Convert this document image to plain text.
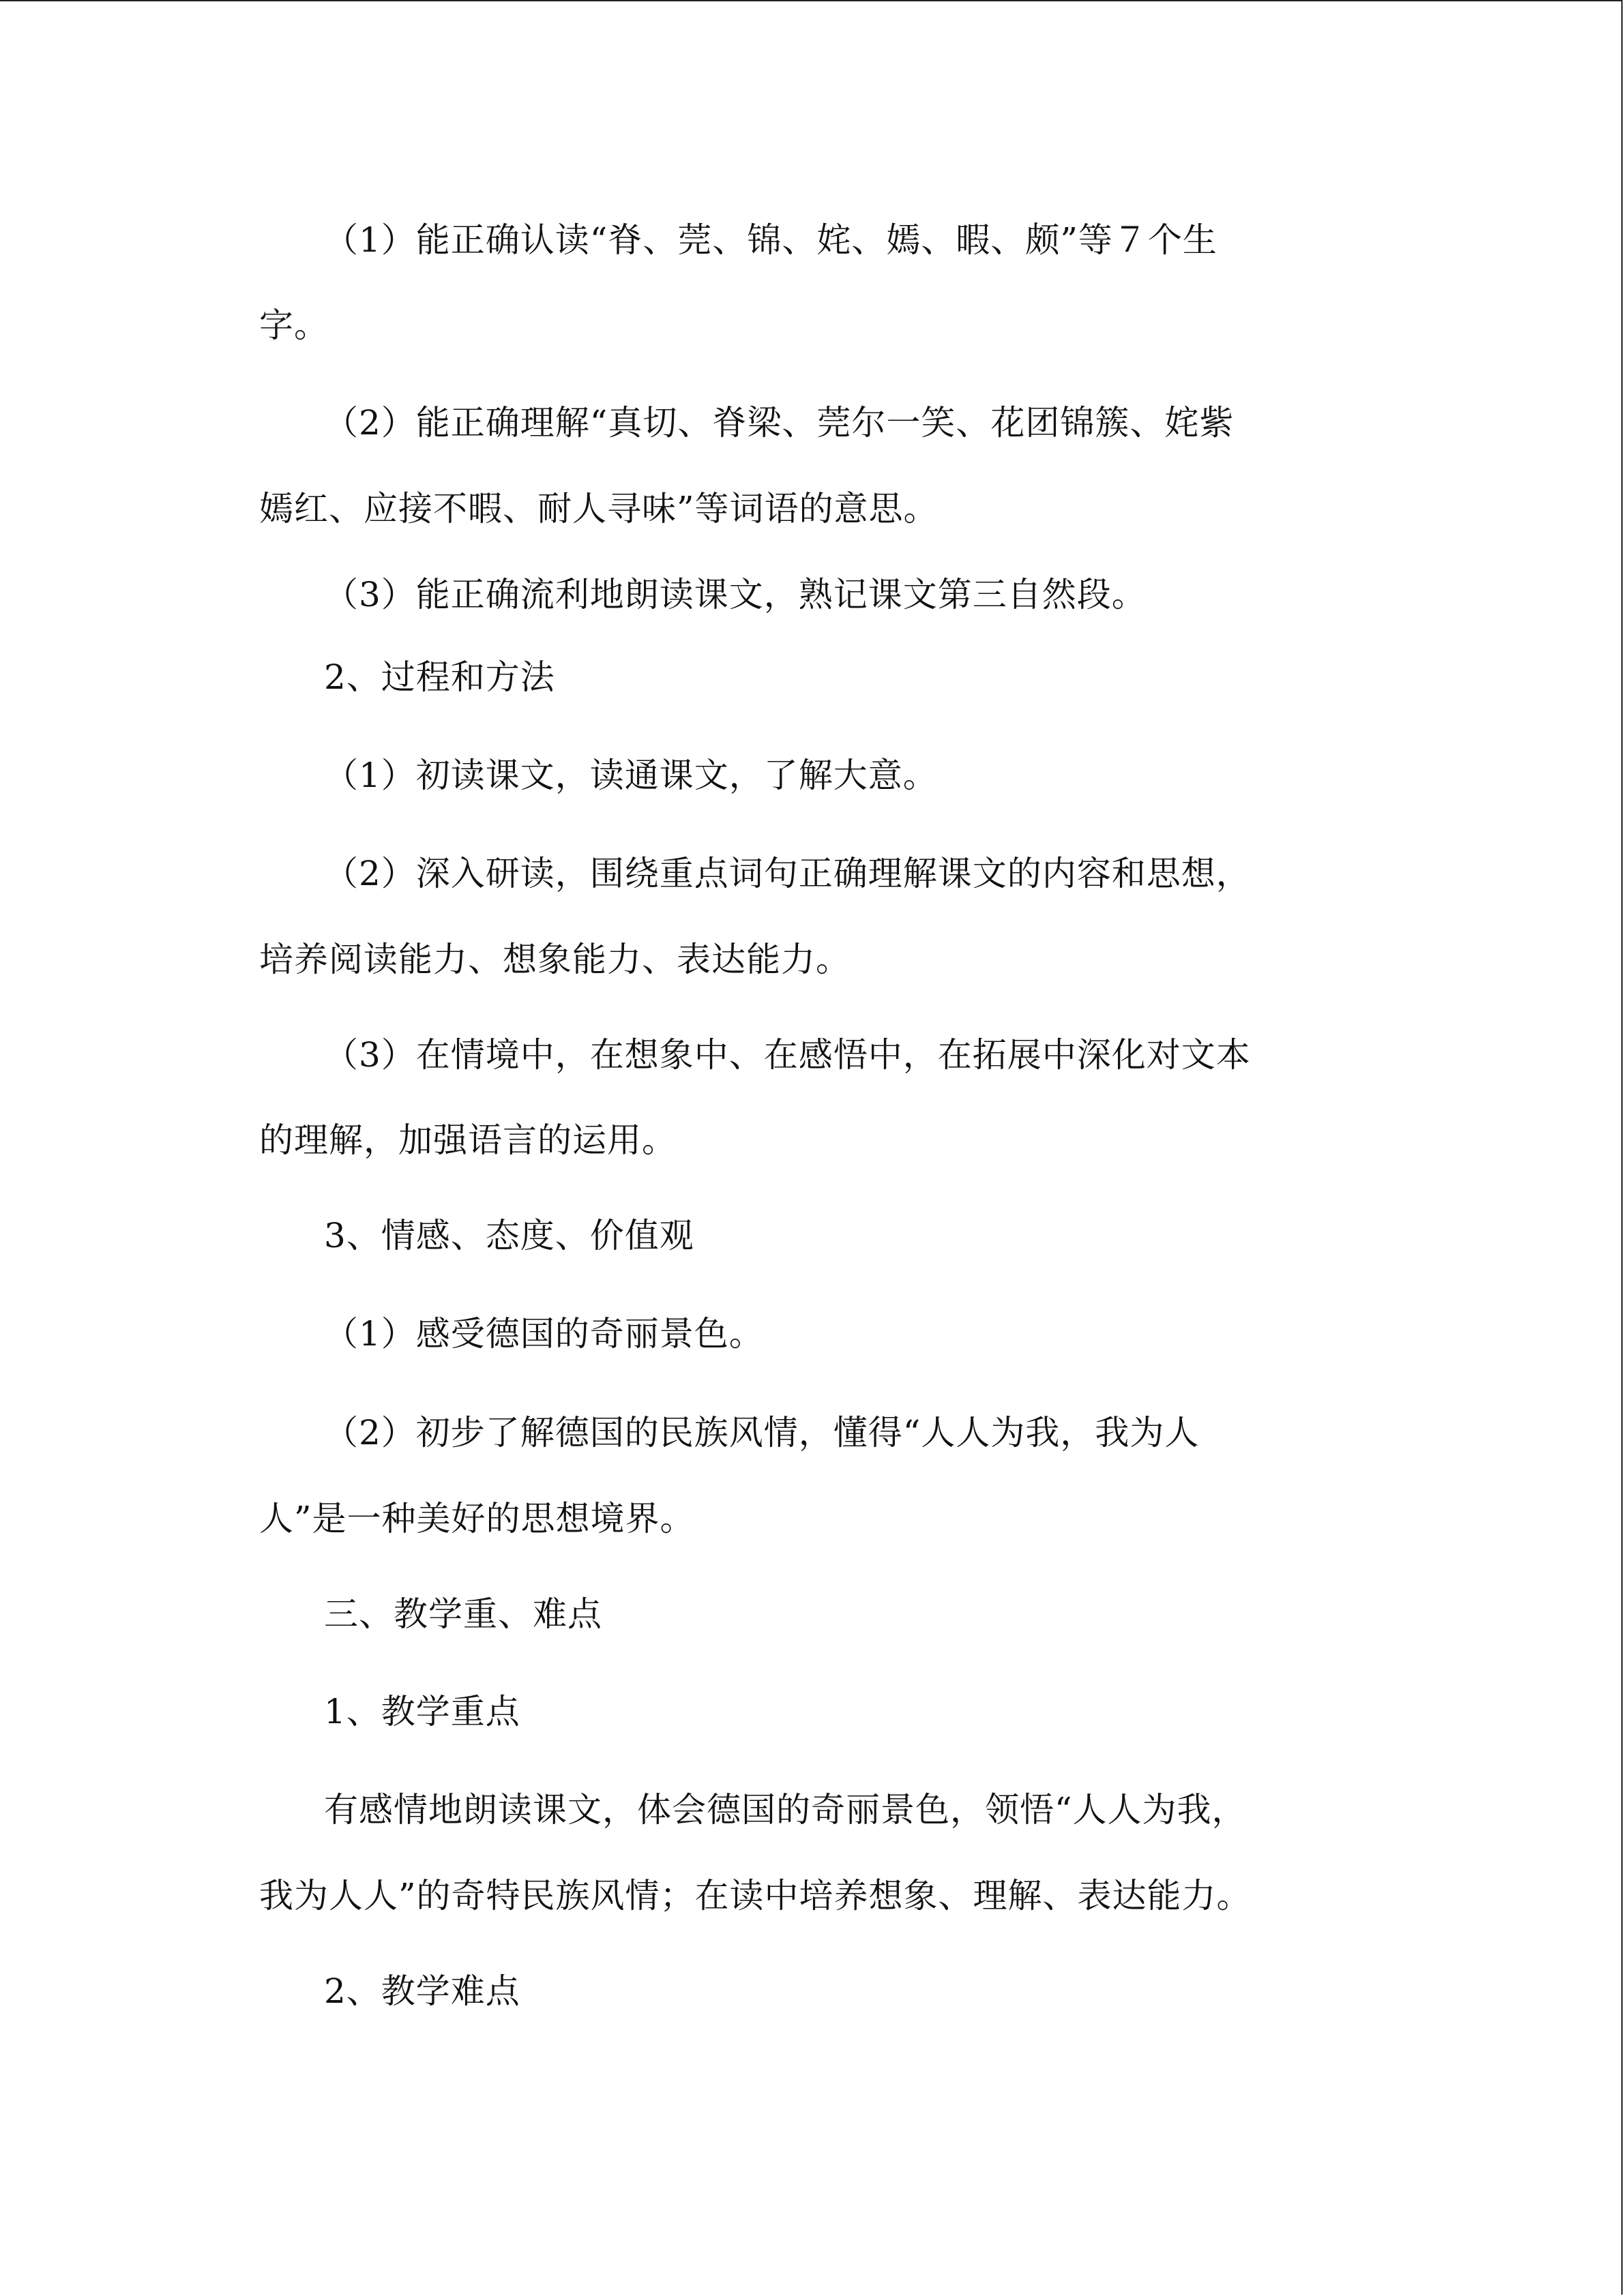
（1）能正确认读“脊、莞、锦、姹、嫣、暇、颇”等７个生
字。
（2）能正确理解“真切、脊梁、莞尔一笑、花团锦簇、姹紫
嫣红、应接不暇、耐人寻味”等词语的意思。
（3）能正确流利地朗读课文，熟记课文第三自然段。
2、过程和方法
（1）初读课文，读通课文，了解大意。
（2）深入研读，围绕重点词句正确理解课文的内容和思想，
培养阅读能力、想象能力、表达能力。
（3）在情境中，在想象中、在感悟中，在拓展中深化对文本
的理解，加强语言的运用。
3、情感、态度、价值观
（1）感受德国的奇丽景色。
（2）初步了解德国的民族风情，懂得“人人为我，我为人
人”是一种美好的思想境界。
三、教学重、难点
1、教学重点
有感情地朗读课文，体会德国的奇丽景色，领悟“人人为我，
我为人人”的奇特民族风情；在读中培养想象、理解、表达能力。
2、教学难点
